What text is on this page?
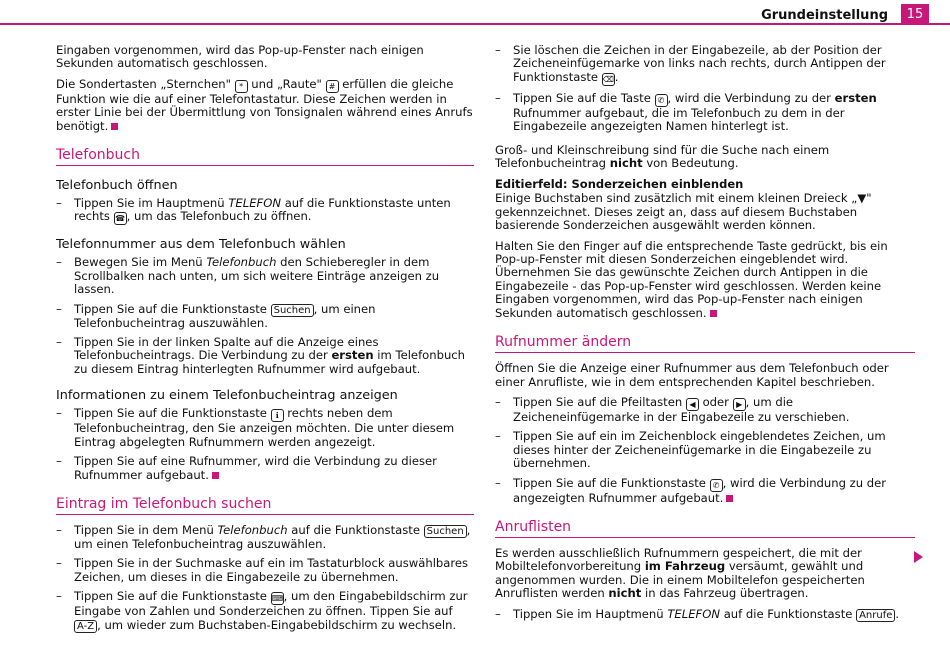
Grundeinstellung	15

Eingaben vorgenommen, wird das Pop-up-Fenster nach einigen Sekunden automatisch geschlossen.

Die Sondertasten „Sternchen" * und „Raute" # erfüllen die gleiche Funktion wie die auf einer Telefontastatur. Diese Zeichen werden in erster Linie bei der Übermittlung von Tonsignalen während eines Anrufs benötigt.

Telefonbuch
Telefonbuch öffnen
– Tippen Sie im Hauptmenü TELEFON auf die Funktionstaste unten rechts ☎ , um das Telefonbuch zu öffnen.
Telefonnummer aus dem Telefonbuch wählen
– Bewegen Sie im Menü Telefonbuch den Schieberegler in dem Scrollbalken nach unten, um sich weitere Einträge anzeigen zu lassen.
– Tippen Sie auf die Funktionstaste Suchen , um einen Telefonbucheintrag auszuwählen.
– Tippen Sie in der linken Spalte auf die Anzeige eines Telefonbucheintrags. Die Verbindung zu der ersten im Telefonbuch zu diesem Eintrag hinterlegten Rufnummer wird aufgebaut.
Informationen zu einem Telefonbucheintrag anzeigen
– Tippen Sie auf die Funktionstaste ℹ rechts neben dem Telefonbucheintrag, den Sie anzeigen möchten. Die unter diesem Eintrag abgelegten Rufnummern werden angezeigt.
– Tippen Sie auf eine Rufnummer, wird die Verbindung zu dieser Rufnummer aufgebaut.
Eintrag im Telefonbuch suchen
– Tippen Sie in dem Menü Telefonbuch auf die Funktionstaste Suchen , um einen Telefonbucheintrag auszuwählen.
– Tippen Sie in der Suchmaske auf ein im Tastaturblock auswählbares Zeichen, um dieses in die Eingabezeile zu übernehmen.
– Tippen Sie auf die Funktionstaste ⌨, um den Eingabebildschirm zur Eingabe von Zahlen und Sonderzeichen zu öffnen. Tippen Sie auf A-Z , um wieder zum Buchstaben-Eingabebildschirm zu wechseln.
– Sie löschen die Zeichen in der Eingabezeile, ab der Position der Zeicheneinfügemarke von links nach rechts, durch Antippen der Funktionstaste ⌫.
– Tippen Sie auf die Taste ✆ , wird die Verbindung zu der ersten Rufnummer aufgebaut, die im Telefonbuch zu dem in der Eingabezeile angezeigten Namen hinterlegt ist.

Groß- und Kleinschreibung sind für die Suche nach einem Telefonbucheintrag nicht von Bedeutung.

Editierfeld: Sonderzeichen einblenden

Einige Buchstaben sind zusätzlich mit einem kleinen Dreieck „▼" gekennzeichnet. Dieses zeigt an, dass auf diesem Buchstaben basierende Sonderzeichen ausgewählt werden können.

Halten Sie den Finger auf die entsprechende Taste gedrückt, bis ein Pop-up-Fenster mit diesen Sonderzeichen eingeblendet wird. Übernehmen Sie das gewünschte Zeichen durch Antippen in die Eingabezeile - das Pop-up-Fenster wird geschlossen. Werden keine Eingaben vorgenommen, wird das Pop-up-Fenster nach einigen Sekunden automatisch geschlossen.

Rufnummer ändern

Öffnen Sie die Anzeige einer Rufnummer aus dem Telefonbuch oder einer Anrufliste, wie in dem entsprechenden Kapitel beschrieben.

– Tippen Sie auf die Pfeiltasten ◀ oder ▶ , um die Zeicheneinfügemarke in der Eingabezeile zu verschieben.
– Tippen Sie auf ein im Zeichenblock eingeblendetes Zeichen, um dieses hinter der Zeicheneinfügemarke in die Eingabezeile zu übernehmen.
– Tippen Sie auf die Funktionstaste ✆ , wird die Verbindung zu der angezeigten Rufnummer aufgebaut.
Anruflisten

Es werden ausschließlich Rufnummern gespeichert, die mit der Mobiltelefonvorbereitung im Fahrzeug versäumt, gewählt und angenommen wurden. Die in einem Mobiltelefon gespeicherten Anruflisten werden nicht in das Fahrzeug übertragen.

– Tippen Sie im Hauptmenü TELEFON auf die Funktionstaste Anrufe .
